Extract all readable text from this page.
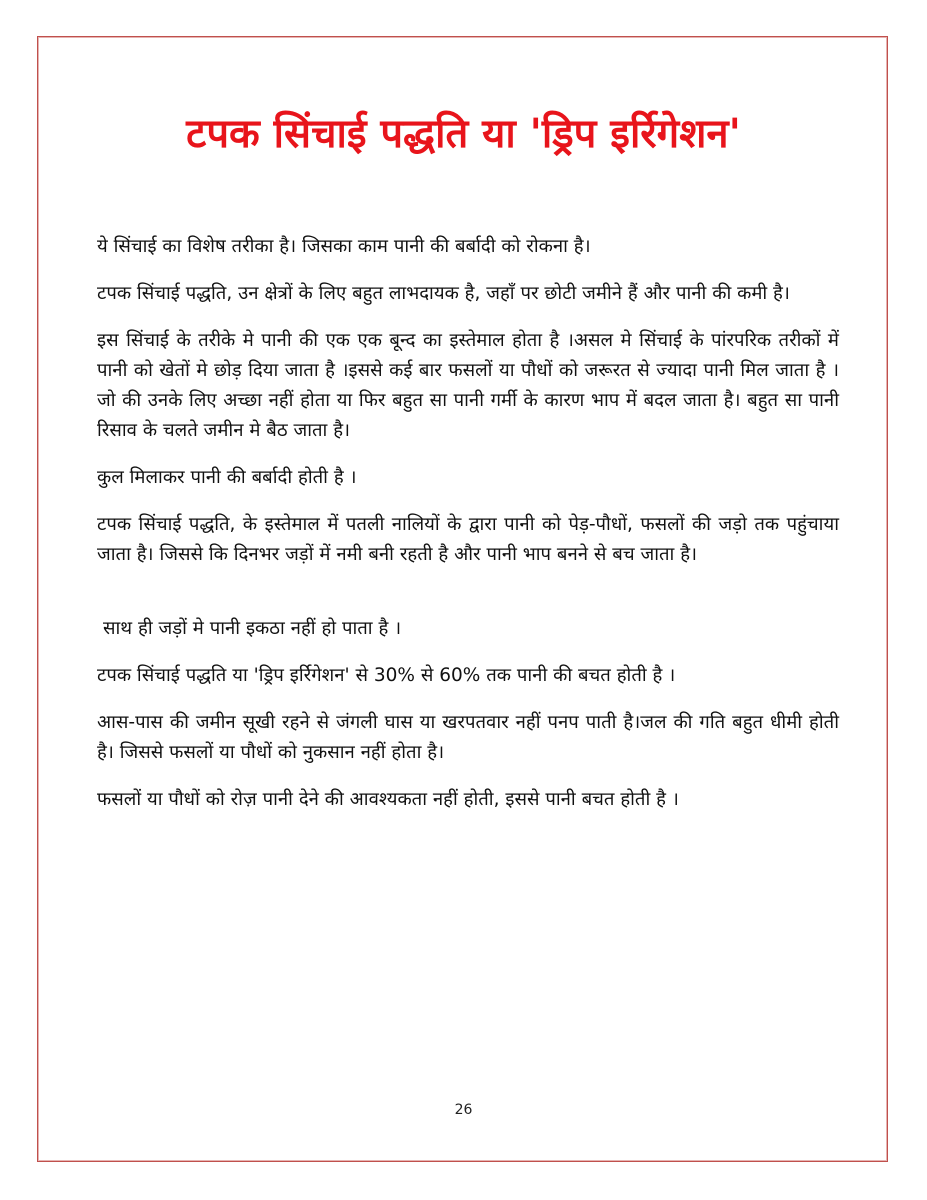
टपक सिंचाई पद्धति या 'ड्रिप इर्रिगेशन'

ये सिंचाई का विशेष तरीका है। जिसका काम पानी की बर्बादी को रोकना है।

टपक सिंचाई पद्धति, उन क्षेत्रों के लिए बहुत लाभदायक है, जहाँ पर छोटी जमीने हैं और पानी की कमी है।

इस सिंचाई के तरीके मे पानी की एक एक बून्द का इस्तेमाल होता है ।असल मे सिंचाई के पांरपरिक तरीकों में पानी को खेतों मे छोड़ दिया जाता है ।इससे कई बार फसलों या पौधों को जरूरत से ज्यादा पानी मिल जाता है ।जो की उनके लिए अच्छा नहीं होता या फिर बहुत सा पानी गर्मी के कारण भाप में बदल जाता है। बहुत सा पानी रिसाव के चलते जमीन मे बैठ जाता है।

कुल मिलाकर पानी की बर्बादी होती है ।

टपक सिंचाई पद्धति, के इस्तेमाल में पतली नालियों के द्वारा पानी को पेड़-पौधों, फसलों की जड़ो तक पहुंचाया जाता है। जिससे कि दिनभर जड़ों में नमी बनी रहती है और पानी भाप बनने से बच जाता है।

साथ ही जड़ों मे पानी इकठा नहीं हो पाता है ।

टपक सिंचाई पद्धति या 'ड्रिप इर्रिगेशन' से 30% से 60% तक पानी की बचत होती है ।

आस-पास की जमीन सूखी रहने से जंगली घास या खरपतवार नहीं पनप पाती है।जल की गति बहुत धीमी होती है। जिससे फसलों या पौधों को नुकसान नहीं होता है।

फसलों या पौधों को रोज़ पानी देने की आवश्यकता नहीं होती, इससे पानी बचत होती है ।

26
